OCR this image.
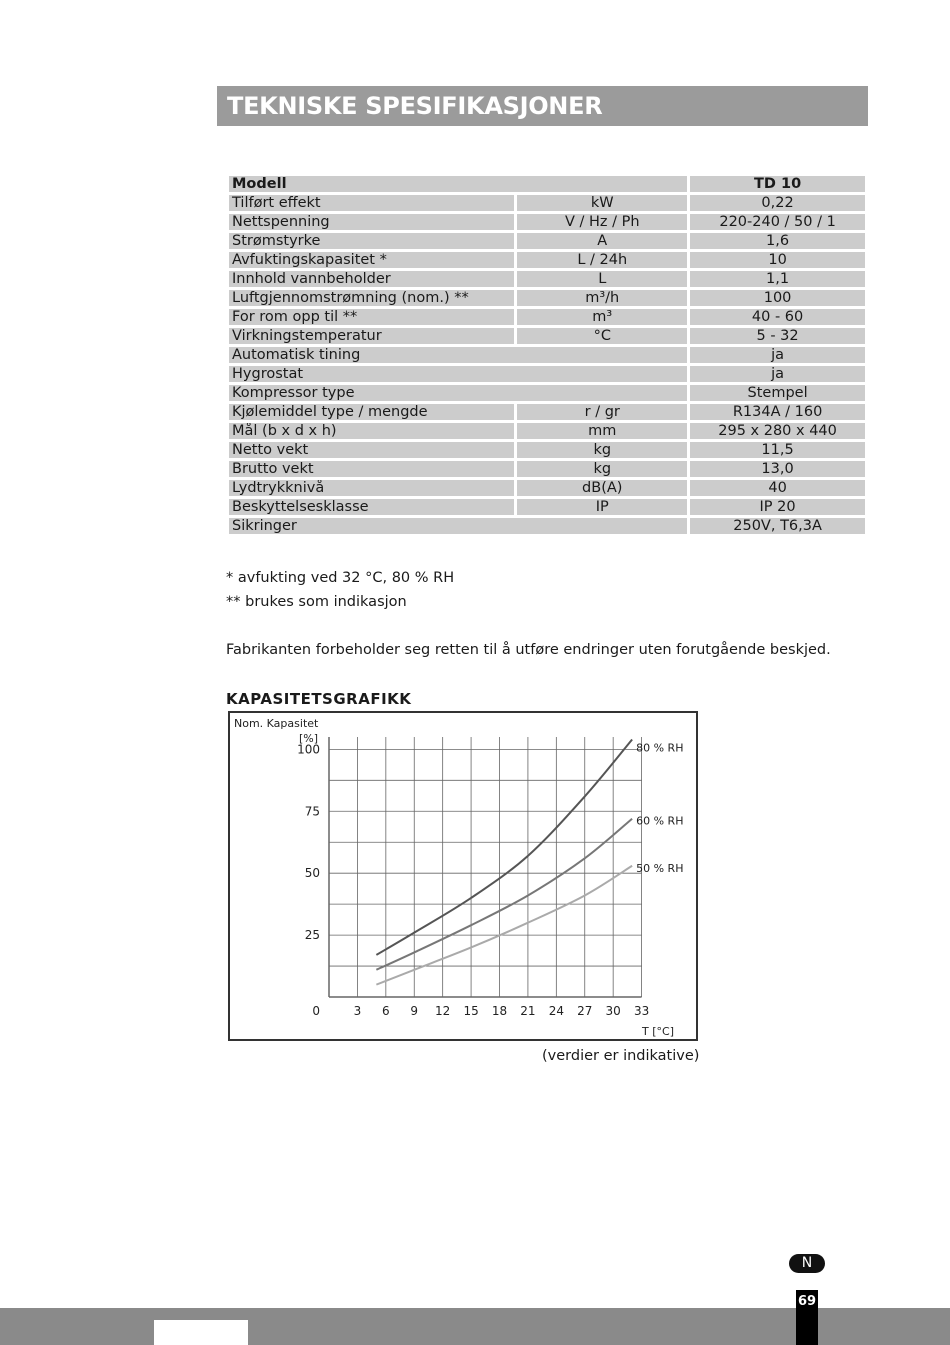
TEKNISKE SPESIFIKASJONER
Modell		TD 10
Tilført effekt	kW	0,22
Nettspenning	V / Hz / Ph	220-240 / 50 / 1
Strømstyrke	A	1,6
Avfuktingskapasitet *	L / 24h	10
Innhold vannbeholder	L	1,1
Luftgjennomstrømning (nom.) **	m³/h	100
For rom opp til **	m³	40 - 60
Virkningstemperatur	°C	5 - 32
Automatisk tining		ja
Hygrostat		ja
Kompressor type		Stempel
Kjølemiddel type / mengde	r / gr	R134A / 160
Mål (b x d x h)	mm	295 x 280 x 440
Netto vekt	kg	11,5
Brutto vekt	kg	13,0
Lydtrykknivå	dB(A)	40
Beskyttelsesklasse	IP	IP 20
Sikringer		250V, T6,3A
* avfukting ved 32 °C, 80 % RH
** brukes som indikasjon
Fabrikanten forbeholder seg retten til å utføre endringer uten forutgående beskjed.
KAPASITETSGRAFIKK
0
25
50
75
100
3 6 9 12 15 18 21 24 27 30 33
Nom. Kapasitet
[%]
T [°C]
80 % RH
60 % RH
50 % RH
(verdier er indikative)
N
69
